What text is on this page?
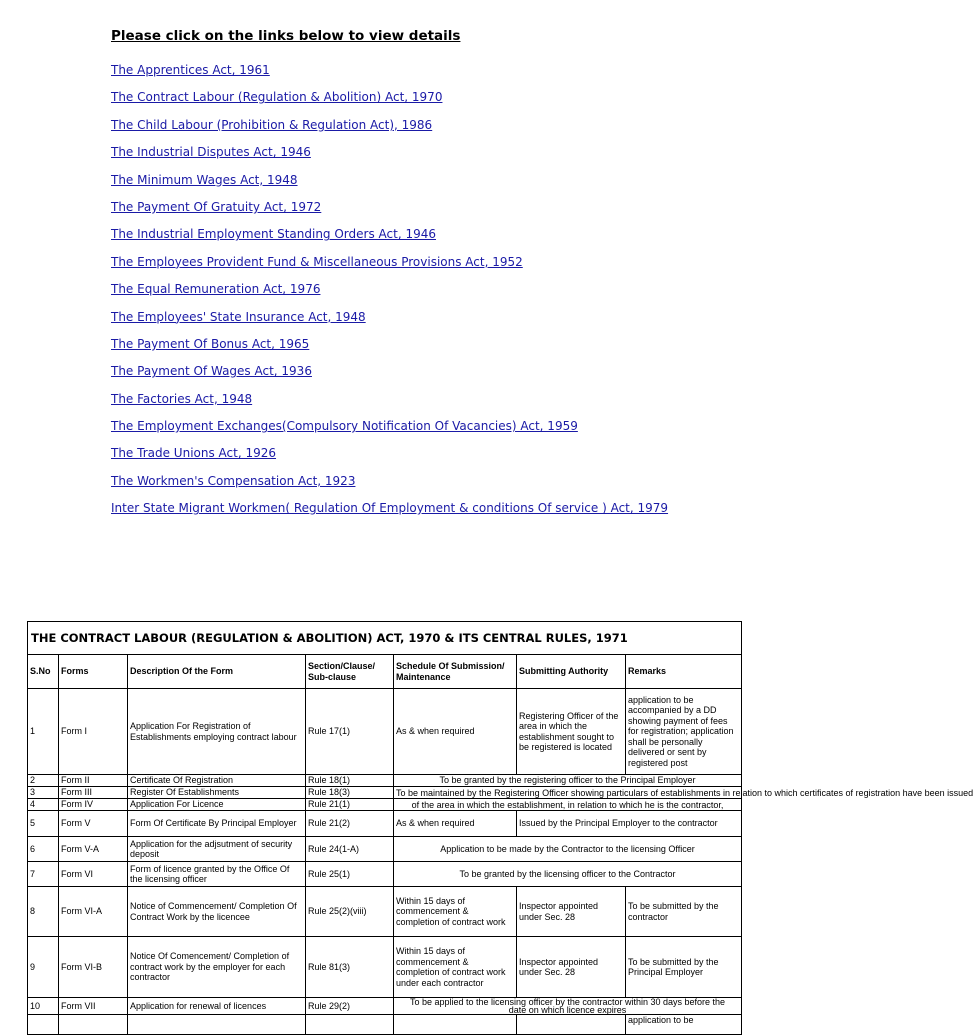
Please click on the links below to view details

The Apprentices Act, 1961
The Contract Labour (Regulation & Abolition) Act, 1970
The Child Labour (Prohibition & Regulation Act), 1986
The Industrial Disputes Act, 1946
The Minimum Wages Act, 1948
The Payment Of Gratuity Act, 1972
The Industrial Employment Standing Orders Act, 1946
The Employees Provident Fund & Miscellaneous Provisions Act, 1952
The Equal Remuneration Act, 1976
The Employees' State Insurance Act, 1948
The Payment Of Bonus Act, 1965
The Payment Of Wages Act, 1936
The Factories Act, 1948
The Employment Exchanges(Compulsory Notification Of Vacancies) Act, 1959
The Trade Unions Act, 1926
The Workmen's Compensation Act, 1923
Inter State Migrant Workmen( Regulation Of Employment & conditions Of service ) Act, 1979
THE CONTRACT LABOUR (REGULATION & ABOLITION) ACT, 1970 & ITS CENTRAL RULES, 1971						
S.No	Forms	Description Of the Form	Section/Clause/ Sub-clause	Schedule Of Submission/ Maintenance	Submitting Authority	Remarks
1	Form I	Application For Registration of Establishments employing contract labour	Rule 17(1)	As & when required	Registering Officer of the area in which the establishment sought to be registered is located	application to be accompanied by a DD showing payment of fees for registration; application shall be personally delivered or sent by registered post
2	Form II	Certificate Of Registration	Rule 18(1)	To be granted by the registering officer to the Principal Employer		
3	Form III	Register Of Establishments	Rule 18(3)	To be maintained by the Registering Officer showing particulars of establishments in relation to which certificates of registration have been issued		

4	Form IV	Application For Licence	Rule 21(1)	of the area in which the establishment, in relation to which he is the contractor,		

5	Form V	Form Of Certificate By Principal Employer	Rule 21(2)	As & when required	Issued by the Principal Employer to the contractor	
6	Form V-A	Application for the adjsutment of security deposit	Rule 24(1-A)	Application to be made by the Contractor to the licensing Officer		
7	Form VI	Form of licence granted by the Office Of the licensing officer	Rule 25(1)	To be granted by the licensing officer to the Contractor		
8	Form VI-A	Notice of Commencement/ Completion Of Contract Work by the licencee	Rule 25(2)(viii)	Within 15 days of commencement & completion of contract work	Inspector appointed under Sec. 28	To be submitted by the contractor
9	Form VI-B	Notice Of Comencement/ Completion of contract work by the employer for each contractor	Rule 81(3)	Within 15 days of commencement & completion of contract work under each contractor	Inspector appointed under Sec. 28	To be submitted by the Principal Employer
10	Form VII	Application for renewal of licences	Rule 29(2)	To be applied to the licensing officer by the contractor within 30 days before the
date on which licence expires		

						application to be
